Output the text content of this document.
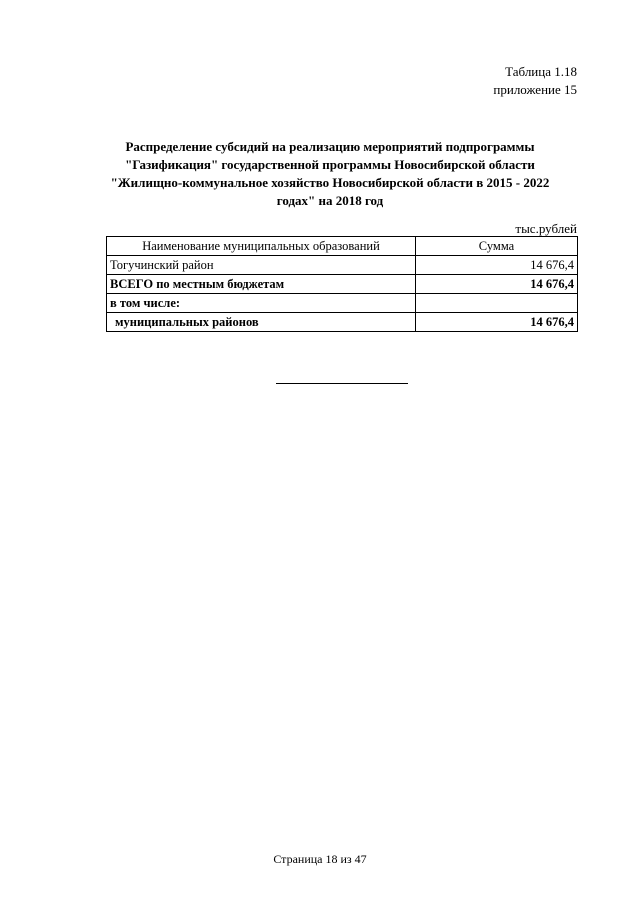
Таблица 1.18
приложение 15
Распределение субсидий на реализацию мероприятий подпрограммы
"Газификация" государственной программы Новосибирской области
"Жилищно-коммунальное хозяйство Новосибирской области в 2015 - 2022
годах" на 2018 год
тыс.рублей
Наименование муниципальных образований	Сумма
Тогучинский район	14 676,4
ВСЕГО по местным бюджетам	14 676,4
в том числе:	
муниципальных районов	14 676,4
Страница 18 из 47
